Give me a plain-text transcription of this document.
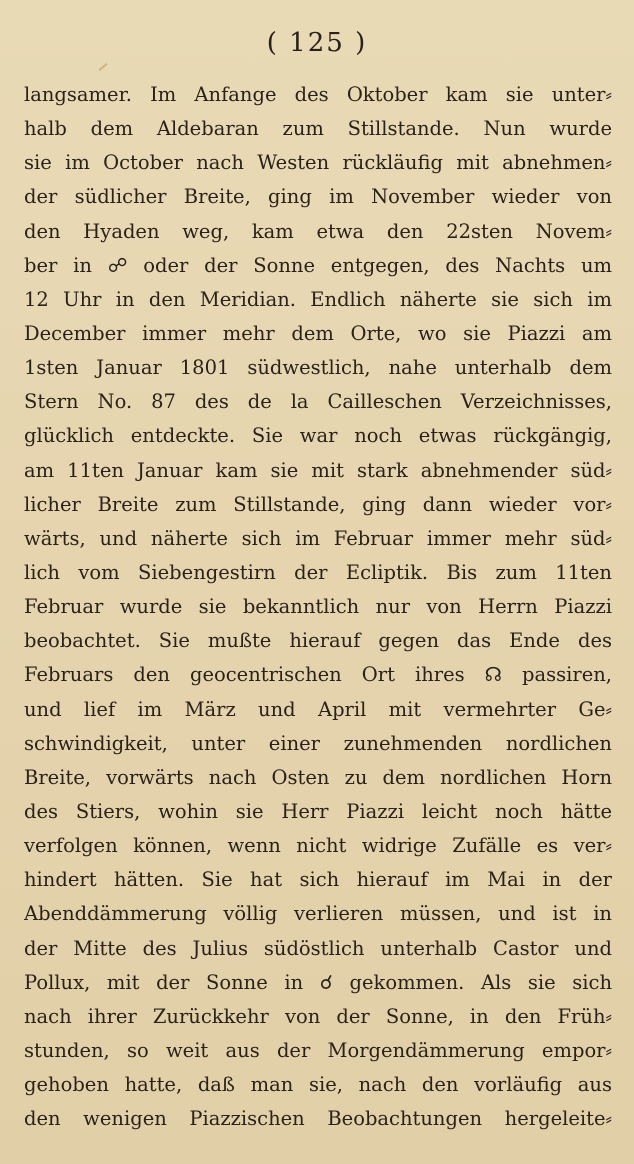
( 125 )
langsamer. Im Anfange des Oktober kam sie unter⸗
halb dem Aldebaran zum Stillstande. Nun wurde
sie im October nach Westen rückläufig mit abnehmen⸗
der südlicher Breite, ging im November wieder von
den Hyaden weg, kam etwa den 22sten Novem⸗
ber in ☍ oder der Sonne entgegen, des Nachts um
12 Uhr in den Meridian. Endlich näherte sie sich im
December immer mehr dem Orte, wo sie Piazzi am
1sten Januar 1801 südwestlich, nahe unterhalb dem
Stern No. 87 des de la Cailleschen Verzeichnisses,
glücklich entdeckte. Sie war noch etwas rückgängig,
am 11ten Januar kam sie mit stark abnehmender süd⸗
licher Breite zum Stillstande, ging dann wieder vor⸗
wärts, und näherte sich im Februar immer mehr süd⸗
lich vom Siebengestirn der Ecliptik. Bis zum 11ten
Februar wurde sie bekanntlich nur von Herrn Piazzi
beobachtet. Sie mußte hierauf gegen das Ende des
Februars den geocentrischen Ort ihres ☊ passiren,
und lief im März und April mit vermehrter Ge⸗
schwindigkeit, unter einer zunehmenden nordlichen
Breite, vorwärts nach Osten zu dem nordlichen Horn
des Stiers, wohin sie Herr Piazzi leicht noch hätte
verfolgen können, wenn nicht widrige Zufälle es ver⸗
hindert hätten. Sie hat sich hierauf im Mai in der
Abenddämmerung völlig verlieren müssen, und ist in
der Mitte des Julius südöstlich unterhalb Castor und
Pollux, mit der Sonne in ☌ gekommen. Als sie sich
nach ihrer Zurückkehr von der Sonne, in den Früh⸗
stunden, so weit aus der Morgendämmerung empor⸗
gehoben hatte, daß man sie, nach den vorläufig aus
den wenigen Piazzischen Beobachtungen hergeleite⸗
